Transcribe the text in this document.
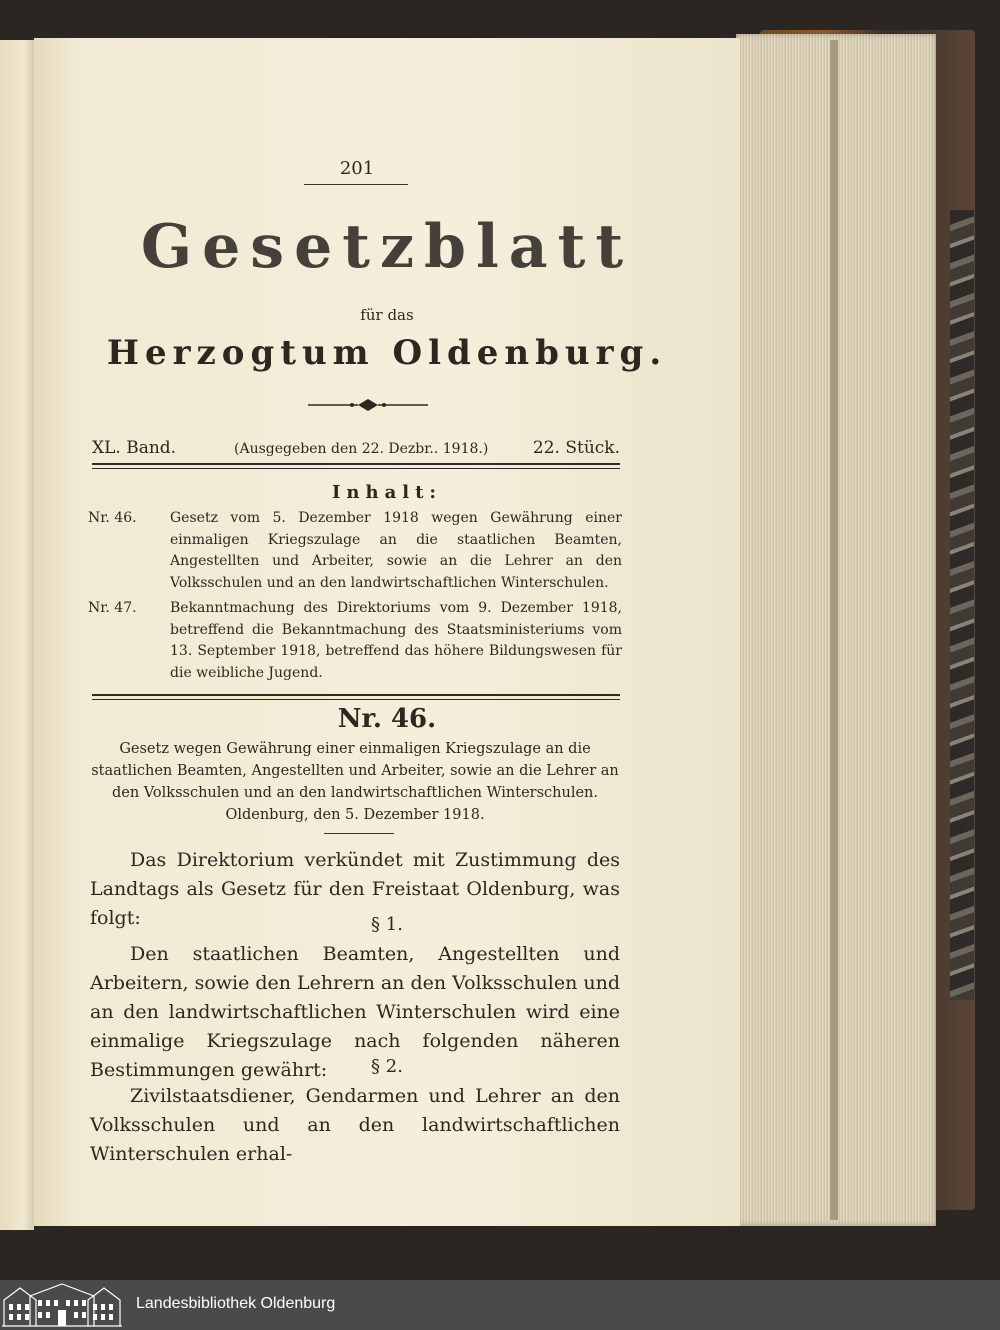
201
Gesetzblatt
für das
Herzogtum Oldenburg.
XL. Band.	(Ausgegeben den 22. Dezbr.. 1918.)	22. Stück.
Inhalt:
Nr. 46.	Gesetz vom 5. Dezember 1918 wegen Gewährung einer einmaligen Kriegszulage an die staatlichen Beamten, Angestellten und Arbeiter, sowie an die Lehrer an den Volksschulen und an den landwirtschaftlichen Winterschulen.
Nr. 47.	Bekanntmachung des Direktoriums vom 9. Dezember 1918, betreffend die Bekanntmachung des Staatsministeriums vom 13. September 1918, betreffend das höhere Bildungswesen für die weibliche Jugend.
Nr. 46.
Gesetz wegen Gewährung einer einmaligen Kriegszulage an die staatlichen Beamten, Angestellten und Arbeiter, sowie an die Lehrer an den Volksschulen und an den landwirtschaftlichen Winterschulen. Oldenburg, den 5. Dezember 1918.
Das Direktorium verkündet mit Zustimmung des Landtags als Gesetz für den Freistaat Oldenburg, was folgt:	§ 1.
Den staatlichen Beamten, Angestellten und Arbeitern, sowie den Lehrern an den Volksschulen und an den landwirtschaftlichen Winterschulen wird eine einmalige Kriegszulage nach folgenden näheren Bestimmungen gewährt:	§ 2.
Zivilstaatsdiener, Gendarmen und Lehrer an den Volksschulen und an den landwirtschaftlichen Winterschulen erhal-
Landesbibliothek Oldenburg
